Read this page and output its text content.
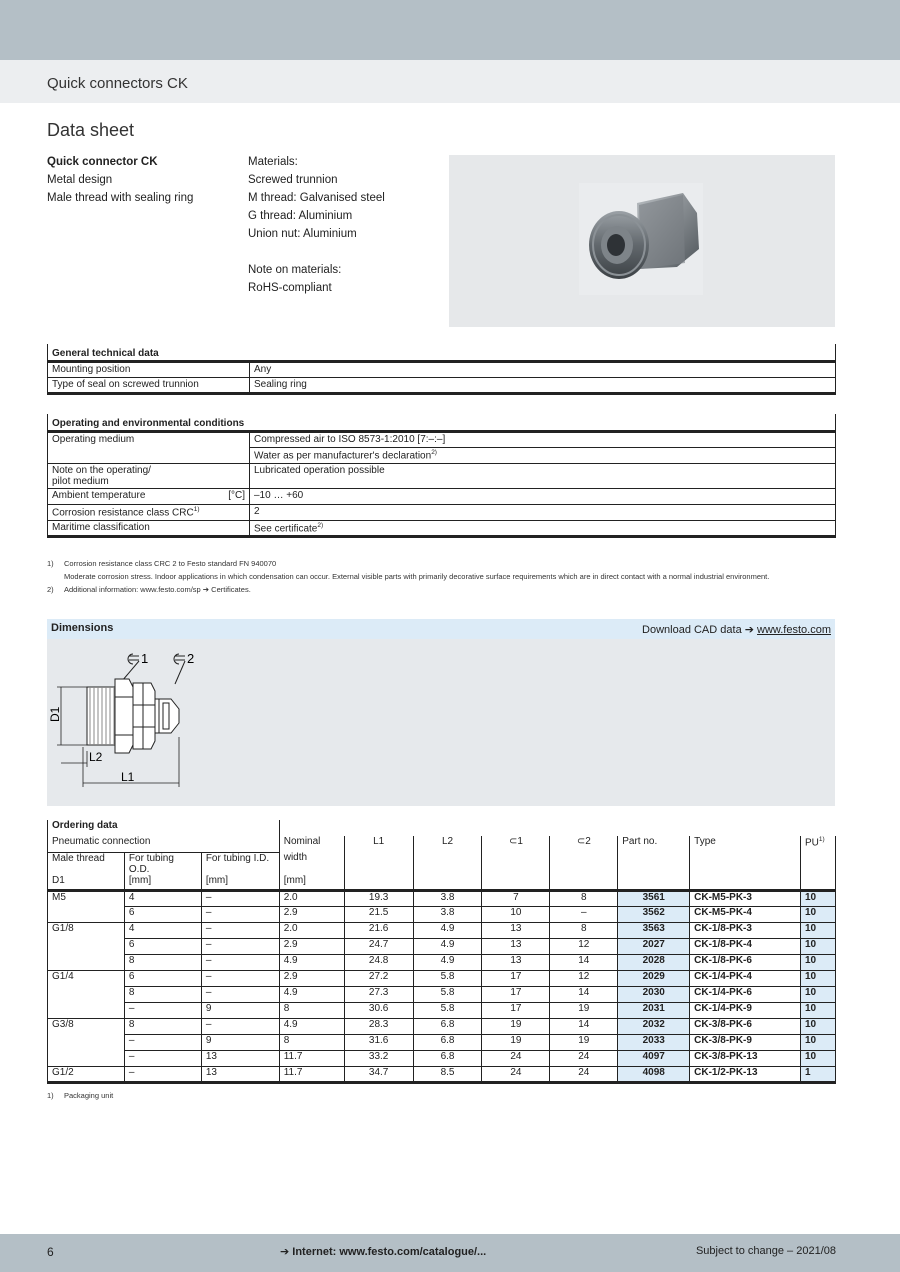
Quick connectors CK
Data sheet
Quick connector CK
Metal design
Male thread with sealing ring
Materials:
Screwed trunnion
M thread: Galvanised steel
G thread: Aluminium
Union nut: Aluminium
Note on materials:
RoHS-compliant
General technical data	
Mounting position	Any
Type of seal on screwed trunnion	Sealing ring
Operating and environmental conditions	
Operating medium	Compressed air to ISO 8573-1:2010 [7:–:–]
	Water as per manufacturer's declaration$^{2)}$

Note on the operating/
pilot medium	Lubricated operation possible
Ambient temperature [°C]	–10 … +60
Corrosion resistance class CRC$^{1)}$	2
Maritime classification	See certificate$^{2)}$
1) Corrosion resistance class CRC 2 to Festo standard FN 940070
Moderate corrosion stress. Indoor applications in which condensation can occur. External visible parts with primarily decorative surface requirements which are in direct contact with a normal industrial environment.
2) Additional information: www.festo.com/sp ➔ Certificates.
Dimensions	Download CAD data ➔ www.festo.com
1	2
D1
L2
L1
Ordering data										
Pneumatic connection			Nominal	L1	L2	⊂1	⊂2	Part no.	Type	PU$^{1)}$
Male thread	For tubing O.D.	For tubing I.D.	width							
D1	[mm]	[mm]	[mm]							
M5	4	–	2.0	19.3	3.8	7	8	3561	CK-M5-PK-3	10
	6	–	2.9	21.5	3.8	10	–	3562	CK-M5-PK-4	10
G1/8	4	–	2.0	21.6	4.9	13	8	3563	CK-1/8-PK-3	10
	6	–	2.9	24.7	4.9	13	12	2027	CK-1/8-PK-4	10
	8	–	4.9	24.8	4.9	13	14	2028	CK-1/8-PK-6	10
G1/4	6	–	2.9	27.2	5.8	17	12	2029	CK-1/4-PK-4	10
	8	–	4.9	27.3	5.8	17	14	2030	CK-1/4-PK-6	10
	–	9	8	30.6	5.8	17	19	2031	CK-1/4-PK-9	10
G3/8	8	–	4.9	28.3	6.8	19	14	2032	CK-3/8-PK-6	10
	–	9	8	31.6	6.8	19	19	2033	CK-3/8-PK-9	10
	–	13	11.7	33.2	6.8	24	24	4097	CK-3/8-PK-13	10
G1/2	–	13	11.7	34.7	8.5	24	24	4098	CK-1/2-PK-13	1
1) Packaging unit
6	➔ Internet: www.festo.com/catalogue/...	Subject to change – 2021/08
